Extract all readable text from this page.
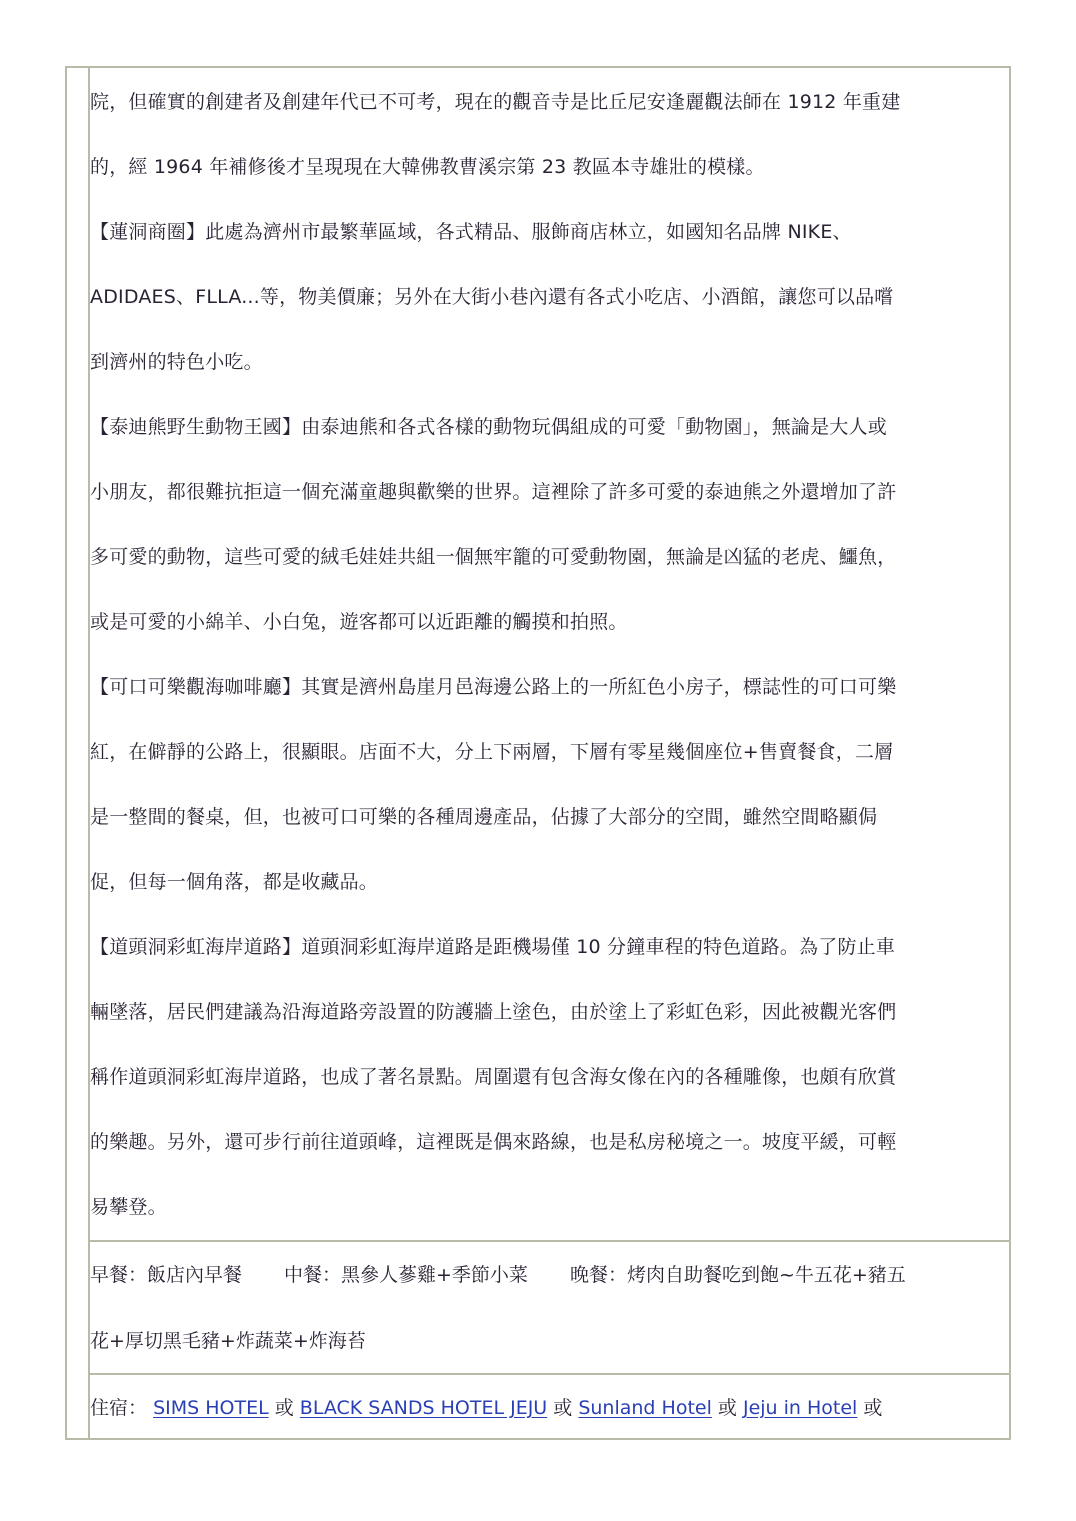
院，但確實的創建者及創建年代已不可考，現在的觀音寺是比丘尼安逢麗觀法師在 1912 年重建
的，經 1964 年補修後才呈現現在大韓佛教曹溪宗第 23 教區本寺雄壯的模樣。

【蓮洞商圈】此處為濟州市最繁華區域，各式精品、服飾商店林立，如國知名品牌 NIKE、
ADIDAES、FLLA...等，物美價廉；另外在大街小巷內還有各式小吃店、小酒館，讓您可以品嚐
到濟州的特色小吃。

【泰迪熊野生動物王國】由泰迪熊和各式各樣的動物玩偶組成的可愛「動物園」，無論是大人或
小朋友，都很難抗拒這一個充滿童趣與歡樂的世界。這裡除了許多可愛的泰迪熊之外還增加了許
多可愛的動物，這些可愛的絨毛娃娃共組一個無牢籠的可愛動物園，無論是凶猛的老虎、鱷魚，
或是可愛的小綿羊、小白兔，遊客都可以近距離的觸摸和拍照。

【可口可樂觀海咖啡廳】其實是濟州島崖月邑海邊公路上的一所紅色小房子，標誌性的可口可樂
紅，在僻靜的公路上，很顯眼。店面不大，分上下兩層，下層有零星幾個座位+售賣餐食，二層
是一整間的餐桌，但，也被可口可樂的各種周邊產品，佔據了大部分的空間，雖然空間略顯侷
促，但每一個角落，都是收藏品。

【道頭洞彩虹海岸道路】道頭洞彩虹海岸道路是距機場僅 10 分鐘車程的特色道路。為了防止車
輛墜落，居民們建議為沿海道路旁設置的防護牆上塗色，由於塗上了彩虹色彩，因此被觀光客們
稱作道頭洞彩虹海岸道路，也成了著名景點。周圍還有包含海女像在內的各種雕像，也頗有欣賞
的樂趣。另外，還可步行前往道頭峰，這裡既是偶來路線，也是私房秘境之一。坡度平緩，可輕
易攀登。

早餐：飯店內早餐 中餐：黑參人蔘雞+季節小菜 晚餐：烤肉自助餐吃到飽~牛五花+豬五
花+厚切黑毛豬+炸蔬菜+炸海苔
住宿： SIMS HOTEL 或 BLACK SANDS HOTEL JEJU 或 Sunland Hotel 或 Jeju in Hotel 或
